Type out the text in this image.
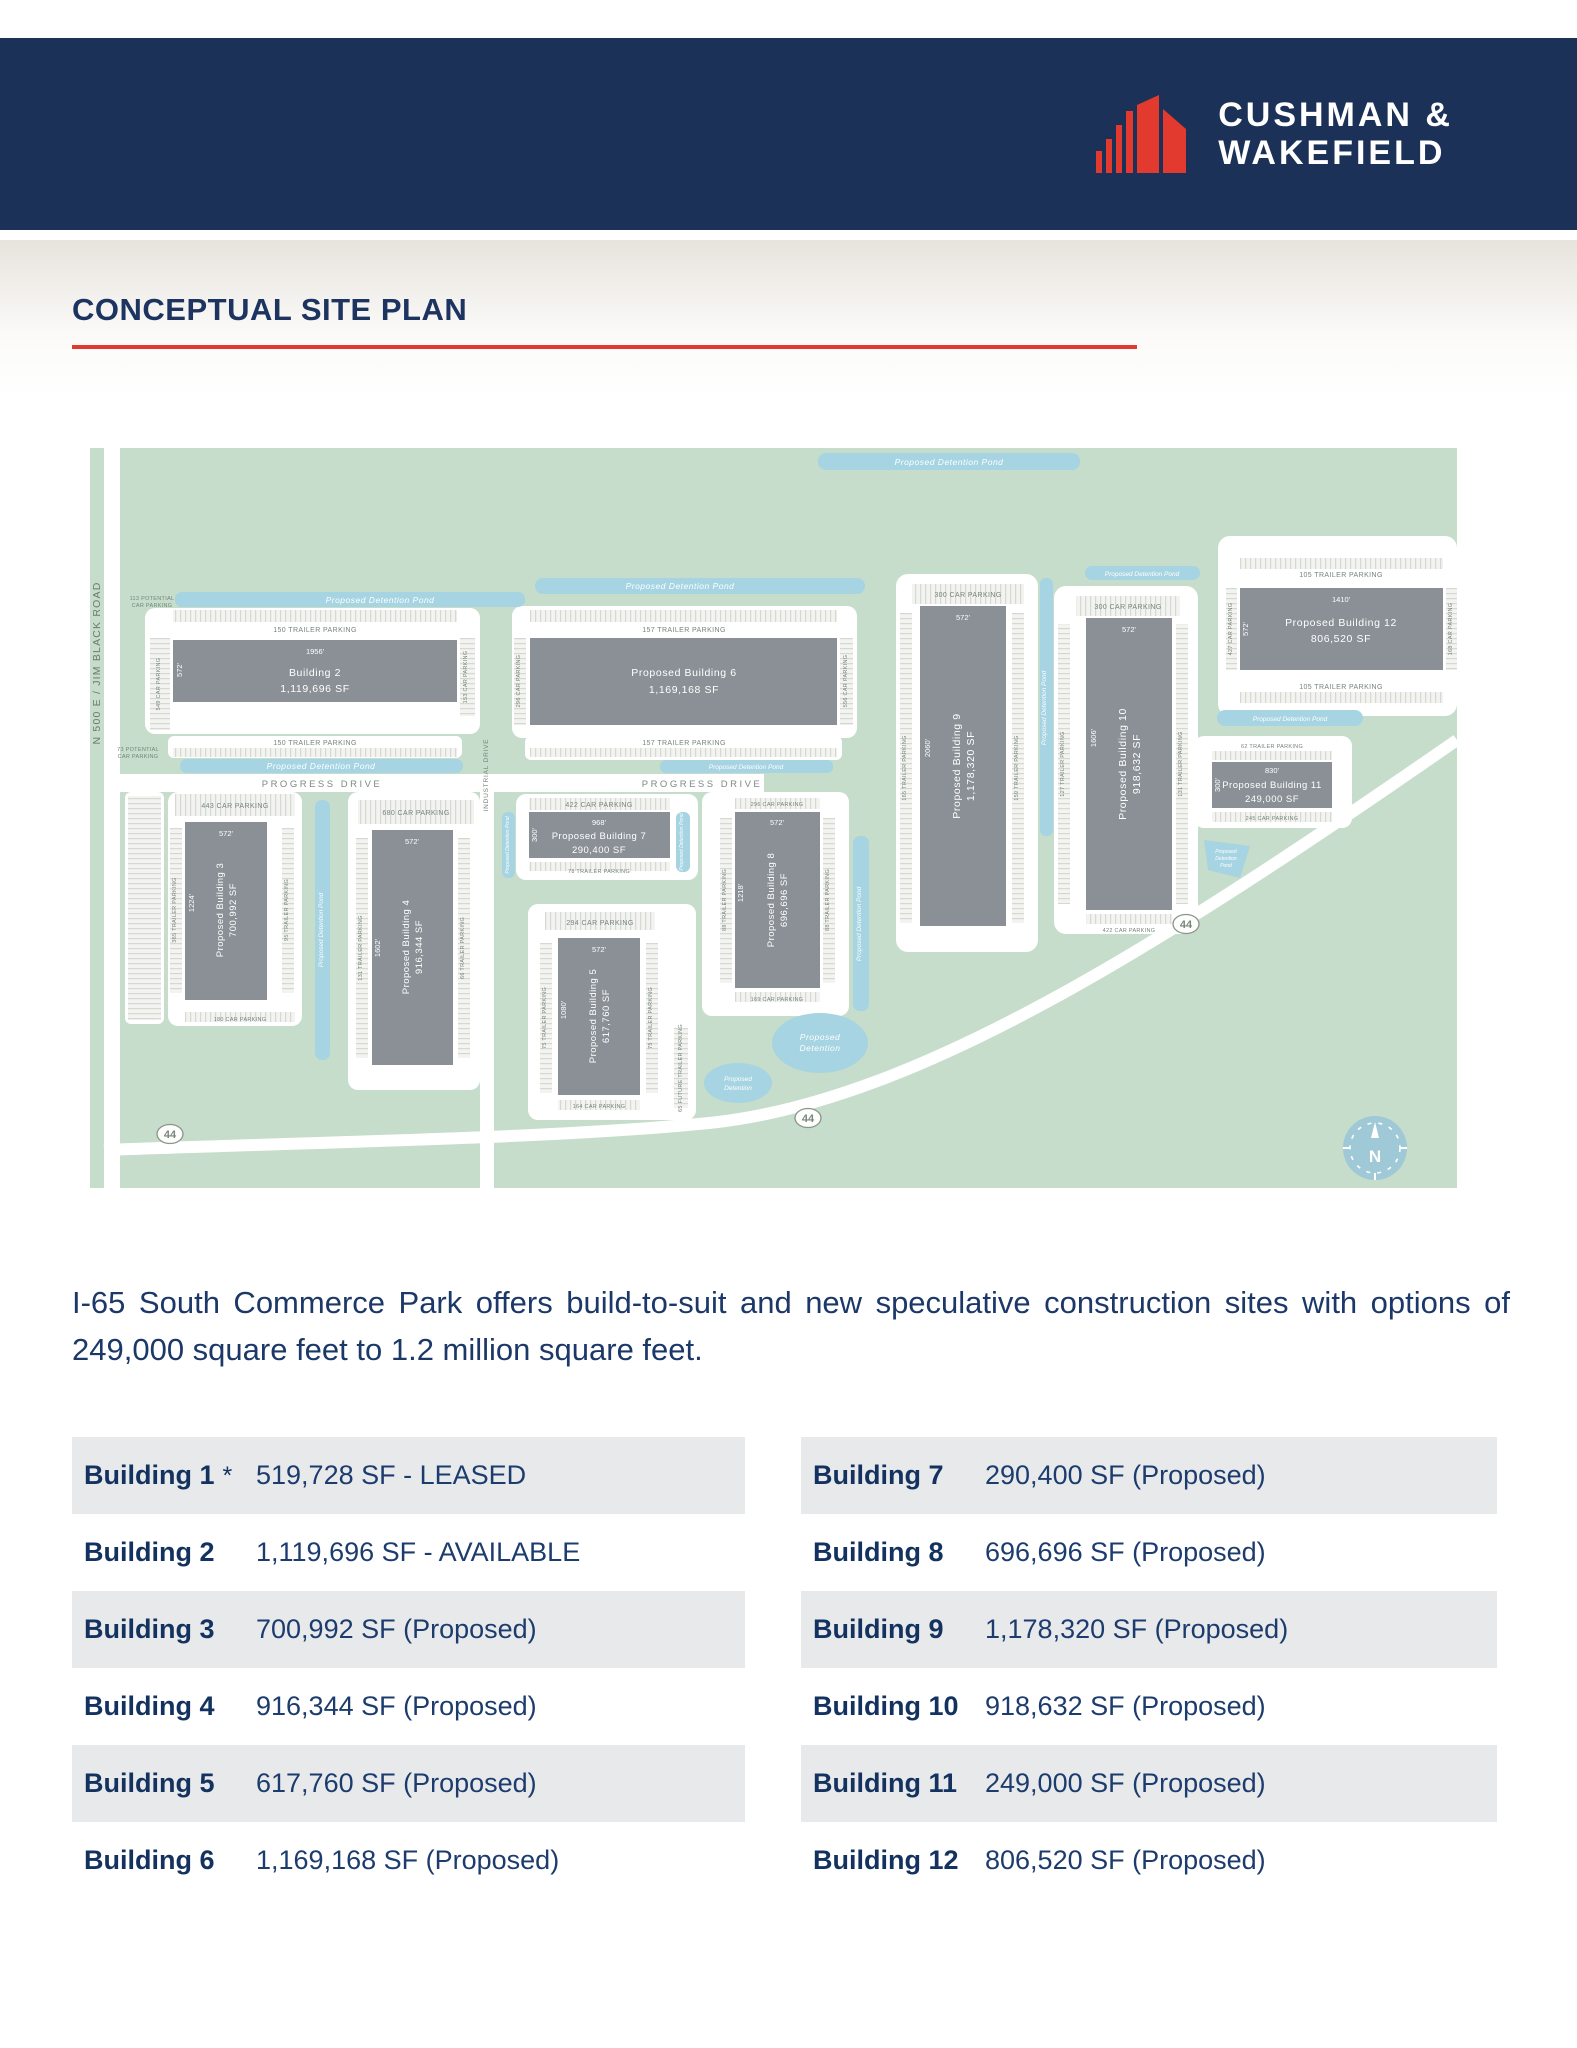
CUSHMAN &
WAKEFIELD
CONCEPTUAL SITE PLAN
Proposed Detention Pond
Proposed Detention Pond
Proposed Detention Pond
Proposed Detention Pond
Proposed Detention Pond	Proposed Detention Pond
Proposed Detention Pond	Proposed Detention Pond
Proposed Detention Pond
Proposed Detention Pond	Proposed Detention Pond
Proposed Detention Pond
Proposed
Detention
Proposed
Detention
Proposed
Detention
Pond
150 TRAILER PARKING
150 TRAILER PARKING
549 CAR PARKING	153 CAR PARKING
113 POTENTIAL
CAR PARKING
73 POTENTIAL
CAR PARKING
157 TRAILER PARKING
157 TRAILER PARKING
296 CAR PARKING	556 CAR PARKING
300 CAR PARKING
165 TRAILER PARKING	159 TRAILER PARKING
300 CAR PARKING
127 TRAILER PARKING	131 TRAILER PARKING
422 CAR PARKING
105 TRAILER PARKING
105 TRAILER PARKING
427 CAR PARKING	168 CAR PARKING
62 TRAILER PARKING
245 CAR PARKING
443 CAR PARKING
180 CAR PARKING
365 TRAILER PARKING	95 TRAILER PARKING
680 CAR PARKING
131 TRAILER PARKING	66 TRAILER PARKING	294 CAR PARKING
164 CAR PARKING
75 TRAILER PARKING	75 TRAILER PARKING
65 FUTURE TRAILER PARKING
422 CAR PARKING
78 TRAILER PARKING
296 CAR PARKING
169 CAR PARKING
88 TRAILER PARKING	88 TRAILER PARKING
1956'
572'
572'
2060'
572'
1606'
1410'
572'
830'
300'
572'
1224'
572'
1602'	572'
1080'
968'
300'
572'
1218'
Building 2
1,119,696 SF
Proposed Building 6
1,169,168 SF
Proposed Building 12
806,520 SF
Proposed Building 7
290,400 SF
Proposed Building 11
249,000 SF
Proposed Building 3 700,992 SF	Proposed Building 4 916,344 SF
Proposed Building 5 617,760 SF
Proposed Building 8 696,696 SF
Proposed Building 9 1,178,320 SF	Proposed Building 10 918,632 SF
PROGRESS DRIVE	PROGRESS DRIVE
N 500 E / JIM BLACK ROAD
INDUSTRIAL DRIVE
44
44
44
N

I-65 South Commerce Park offers build-to-suit and new speculative construction sites with options of 249,000 square feet to 1.2 million square feet.

Building 1 * 519,728 SF - LEASED
Building 2	1,119,696 SF - AVAILABLE
Building 3	700,992 SF (Proposed)
Building 4	916,344 SF (Proposed)
Building 5	617,760 SF (Proposed)
Building 6	1,169,168 SF (Proposed)
Building 7	290,400 SF (Proposed)
Building 8	696,696 SF (Proposed)
Building 9	1,178,320 SF (Proposed)
Building 10 918,632 SF (Proposed)
Building 11	249,000 SF (Proposed)
Building 12 806,520 SF (Proposed)
